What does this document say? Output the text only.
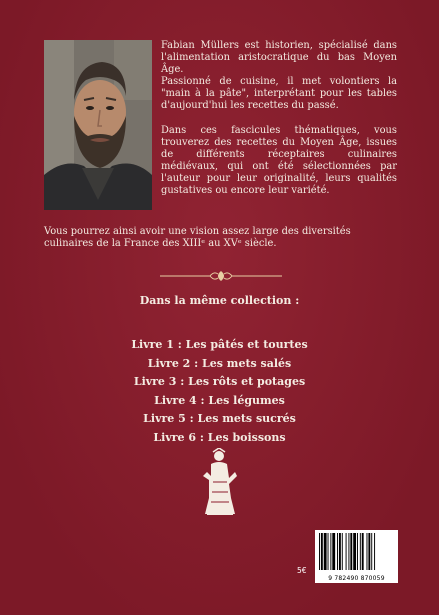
Fabian Müllers est historien, spécialisé dans l'alimentation aristocratique du bas Moyen Âge.

Passionné de cuisine, il met volontiers la "main à la pâte", interprétant pour les tables d'aujourd'hui les recettes du passé.

Dans ces fascicules thématiques, vous trouverez des recettes du Moyen Âge, issues de différents réceptaires culinaires médiévaux, qui ont été sélectionnées par l'auteur pour leur originalité, leurs qualités gustatives ou encore leur variété.

Vous pourrez ainsi avoir une vision assez large des diversités culinaires de la France des XIIIᵉ au XVᵉ siècle.

Dans la même collection :
Livre 1 : Les pâtés et tourtes
Livre 2 : Les mets salés
Livre 3 : Les rôts et potages
Livre 4 : Les légumes
Livre 5 : Les mets sucrés
Livre 6 : Les boissons
5€
9 782490 870059
